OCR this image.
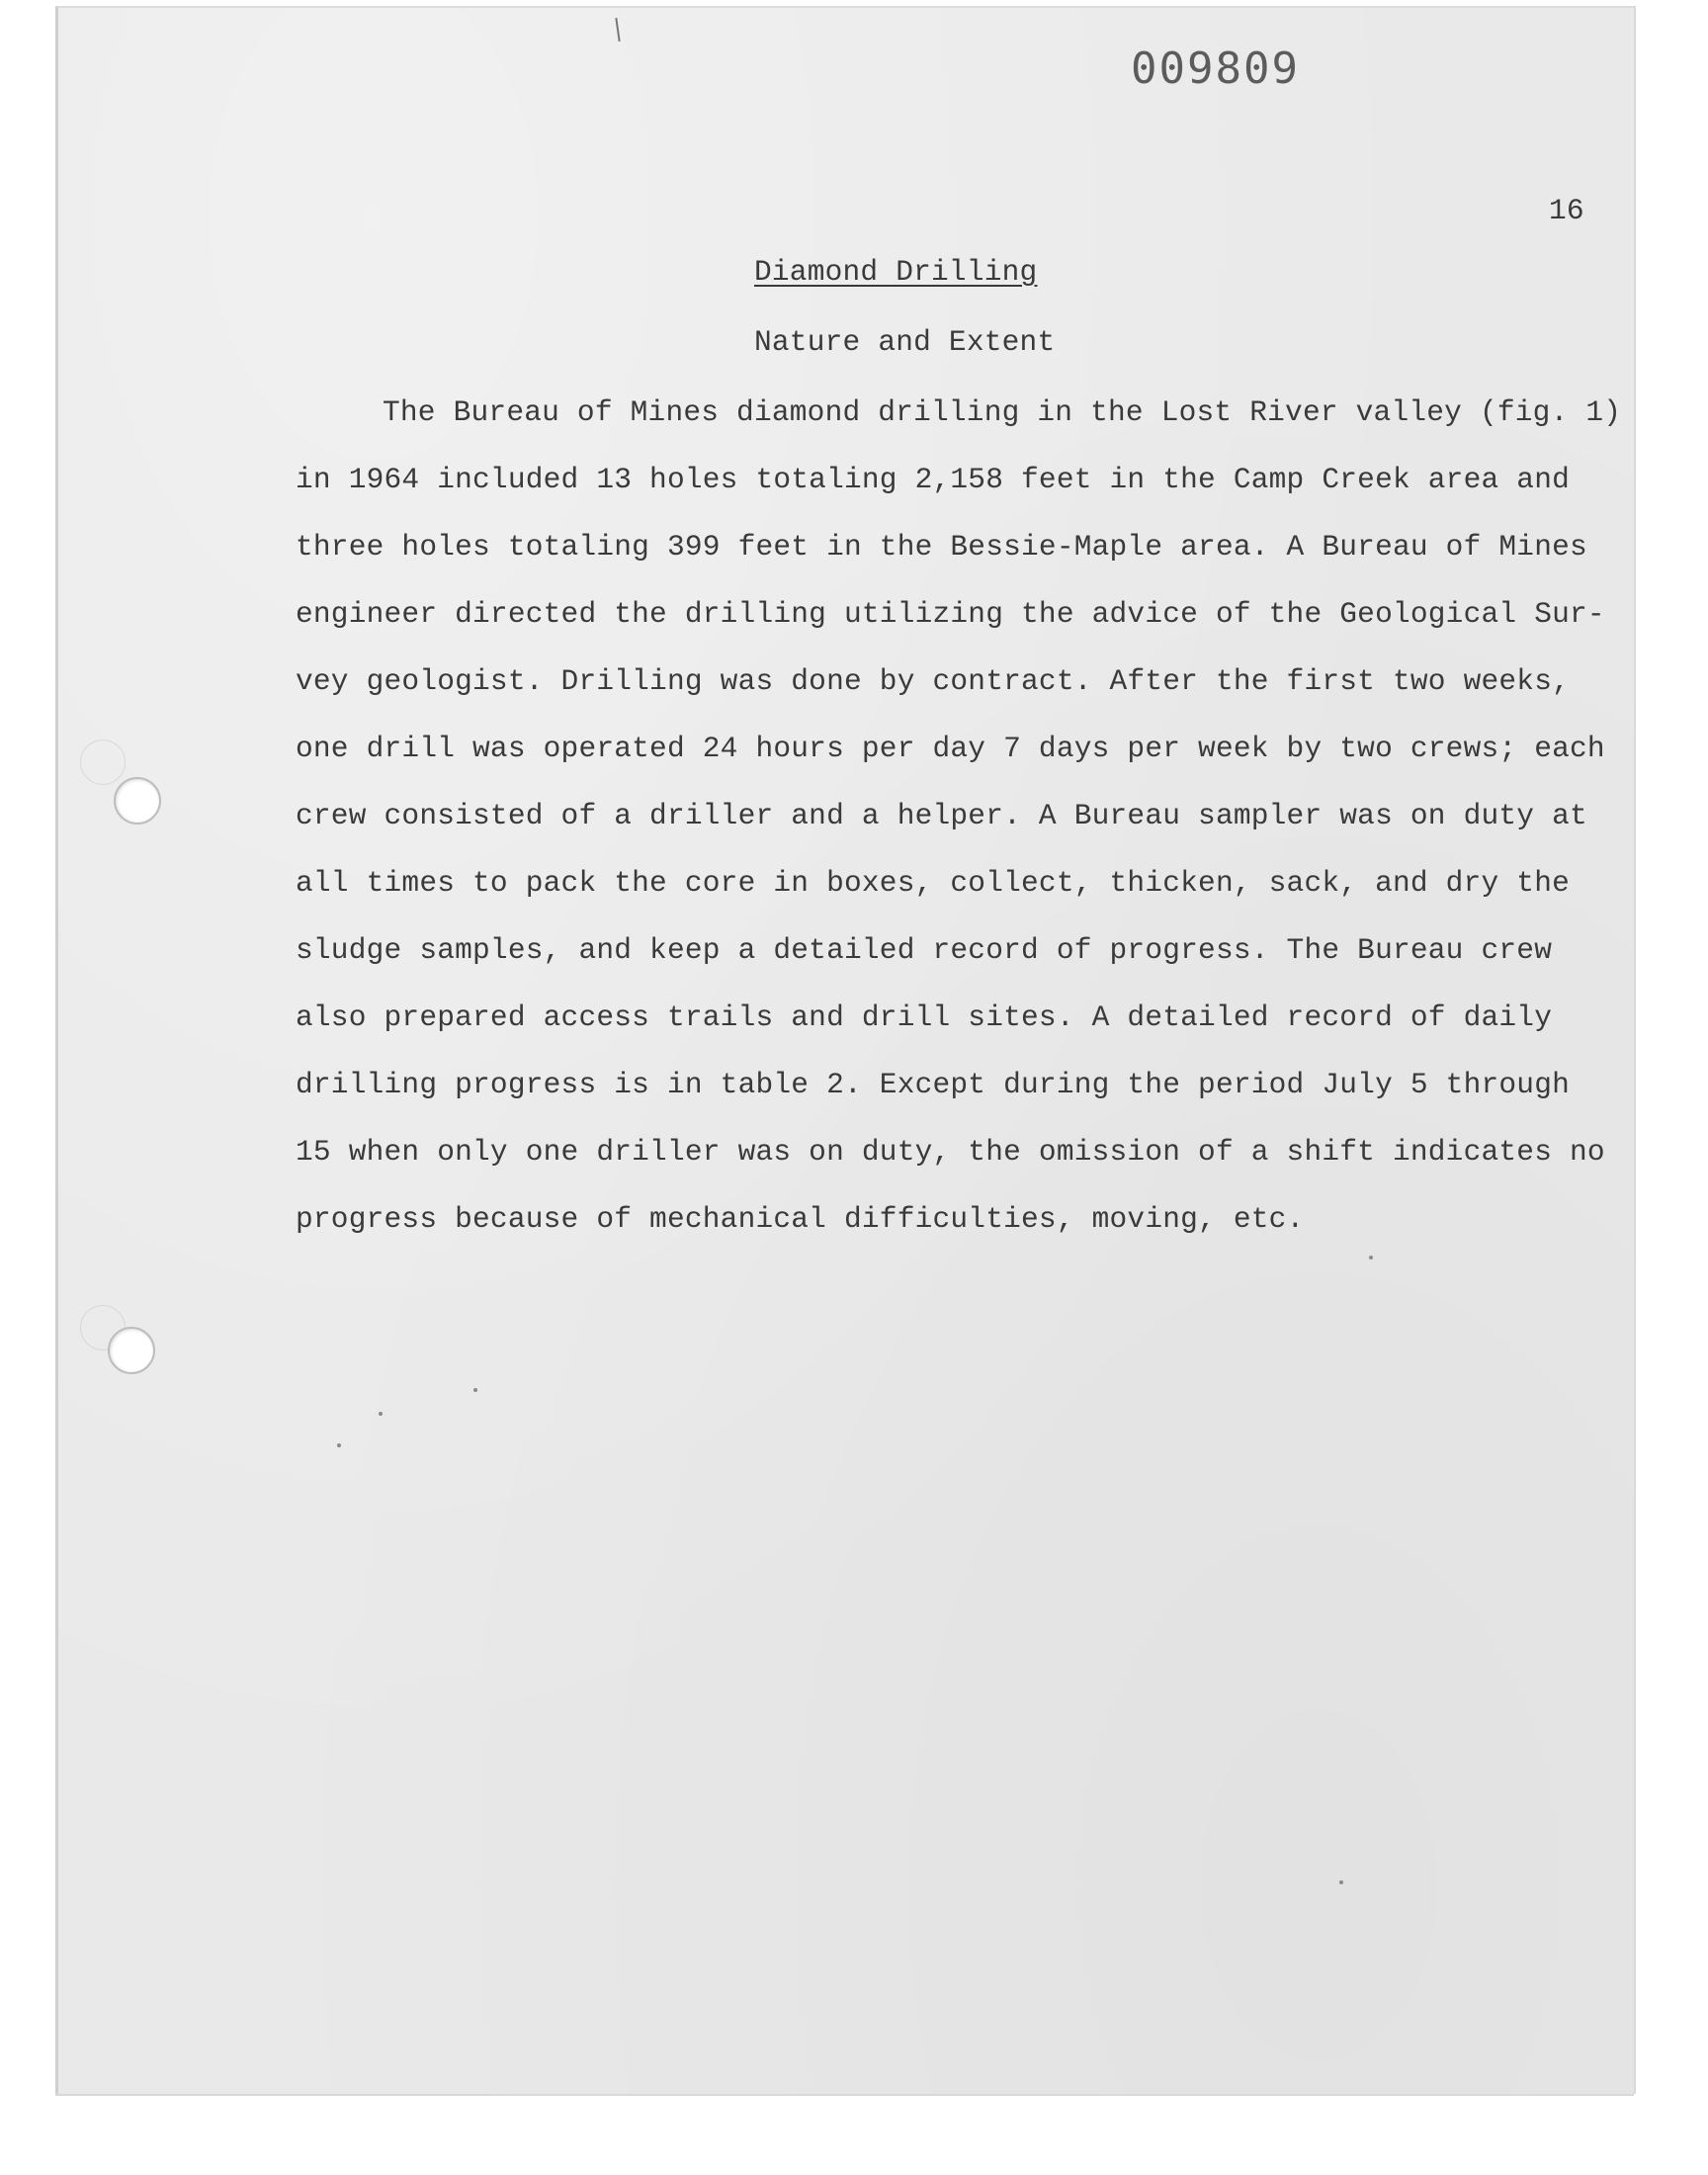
009809
16
Diamond Drilling
Nature and Extent
The Bureau of Mines diamond drilling in the Lost River valley (fig. 1)
in 1964 included 13 holes totaling 2,158 feet in the Camp Creek area and
three holes totaling 399 feet in the Bessie-Maple area. A Bureau of Mines
engineer directed the drilling utilizing the advice of the Geological Sur-
vey geologist. Drilling was done by contract. After the first two weeks,
one drill was operated 24 hours per day 7 days per week by two crews; each
crew consisted of a driller and a helper. A Bureau sampler was on duty at
all times to pack the core in boxes, collect, thicken, sack, and dry the
sludge samples, and keep a detailed record of progress. The Bureau crew
also prepared access trails and drill sites. A detailed record of daily
drilling progress is in table 2. Except during the period July 5 through
15 when only one driller was on duty, the omission of a shift indicates no
progress because of mechanical difficulties, moving, etc.
